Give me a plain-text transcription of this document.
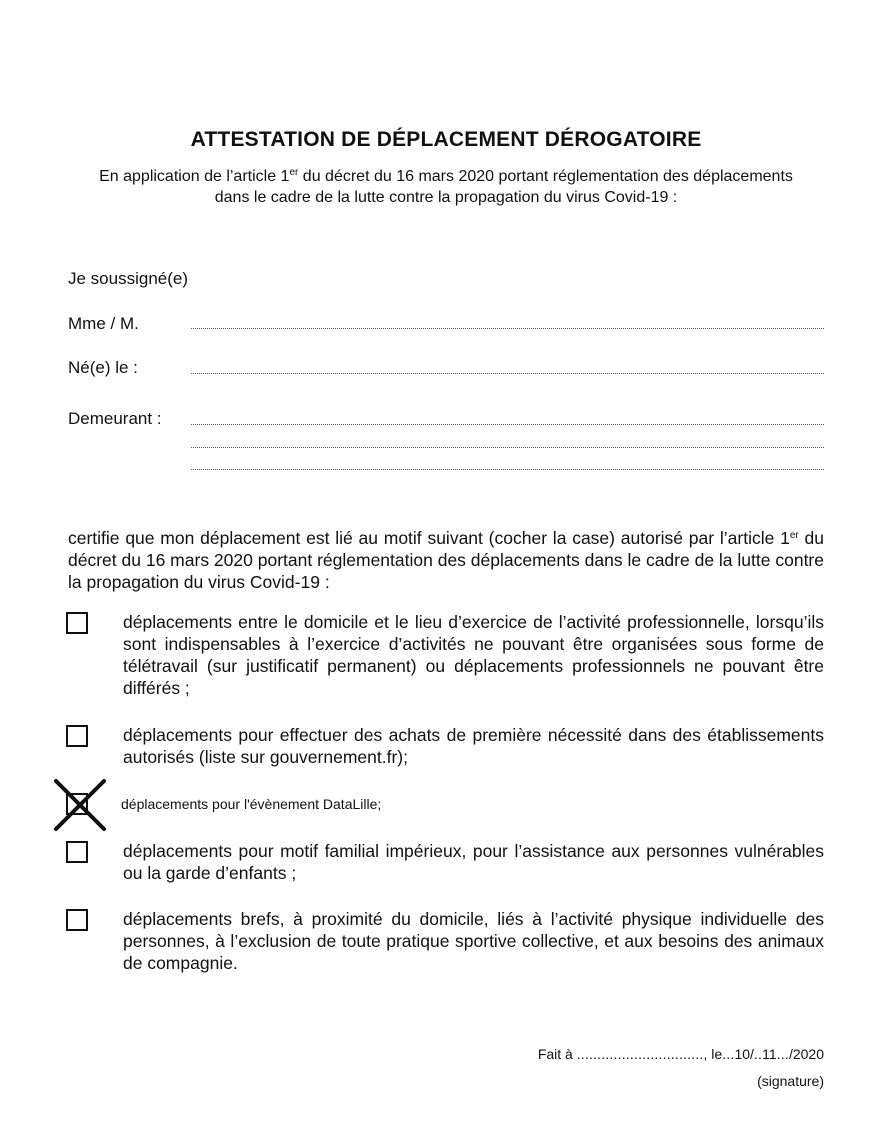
ATTESTATION DE DÉPLACEMENT DÉROGATOIRE
En application de l’article 1er du décret du 16 mars 2020 portant réglementation des déplacements dans le cadre de la lutte contre la propagation du virus Covid-19 :
Je soussigné(e)
Mme / M.
Né(e) le :
Demeurant :
certifie que mon déplacement est lié au motif suivant (cocher la case) autorisé par l’article 1er du décret du 16 mars 2020 portant réglementation des déplacements dans le cadre de la lutte contre la propagation du virus Covid-19 :
déplacements entre le domicile et le lieu d’exercice de l’activité professionnelle, lorsqu’ils sont indispensables à l’exercice d’activités ne pouvant être organisées sous forme de télétravail (sur justificatif permanent) ou déplacements professionnels ne pouvant être différés ;
déplacements pour effectuer des achats de première nécessité dans des établissements autorisés (liste sur gouvernement.fr);
déplacements pour l'évènement DataLille;
déplacements pour motif familial impérieux, pour l’assistance aux personnes vulnérables ou la garde d’enfants ;
déplacements brefs, à proximité du domicile, liés à l’activité physique individuelle des personnes, à l’exclusion de toute pratique sportive collective, et aux besoins des animaux de compagnie.
Fait à ..............................., le...10/..11.../2020
(signature)
